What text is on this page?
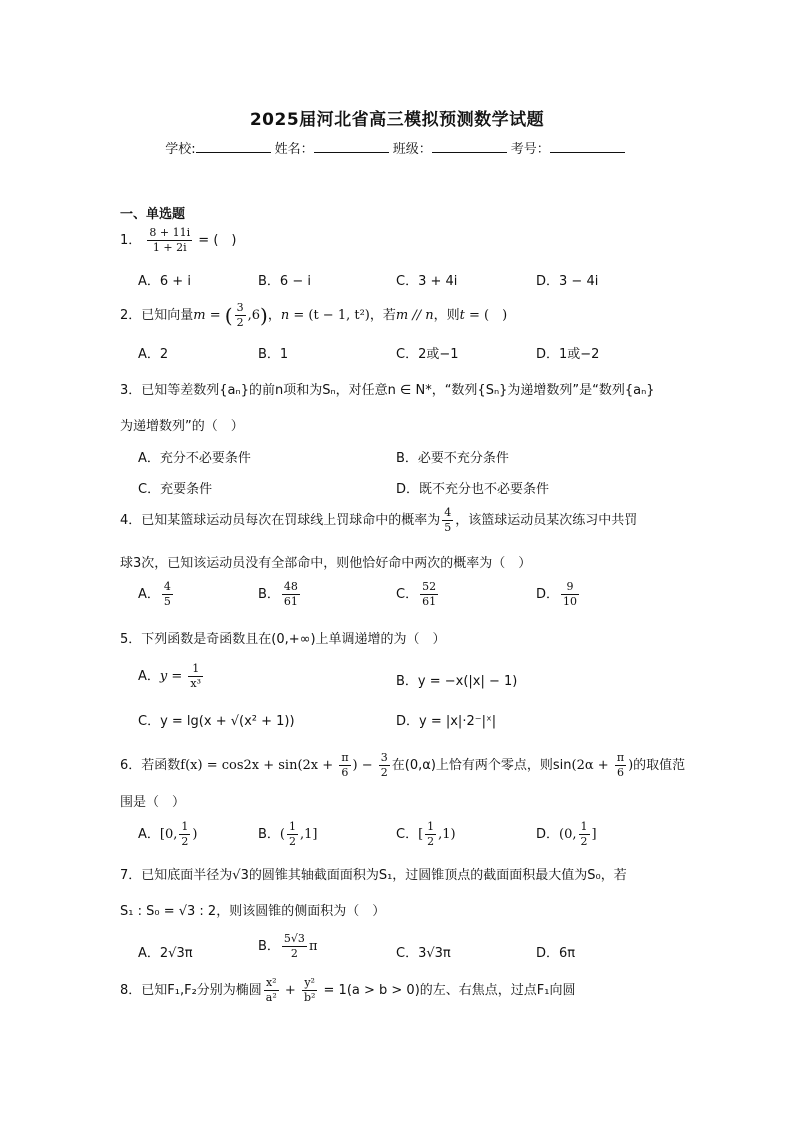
2025届河北省高三模拟预测数学试题
学校:	姓名：	班级：	考号：
一、单选题
1． $\frac{8 + 11i}{1 + 2i}$ = (　)
A．6 + i	B．6 − i	C．3 + 4i	D．3 − 4i
2．已知向量m = ( $\frac{3}{2} ,6$)，n = (t − 1, t²)，若m // n，则t = (　)
A．2	B．1	C．2或−1	D．1或−2
3．已知等差数列{aₙ}的前n项和为Sₙ，对任意n ∈ N*，“数列{Sₙ}为递增数列”是“数列{aₙ}
为递增数列”的（　）
A．充分不必要条件	B．必要不充分条件
C．充要条件	D．既不充分也不必要条件
4．已知某篮球运动员每次在罚球线上罚球命中的概率为 $\frac{4}{5}$ ，该篮球运动员某次练习中共罚
球3次，已知该运动员没有全部命中，则他恰好命中两次的概率为（　）
A． $\frac{4}{5}$	B． $\frac{48}{61}$	C． $\frac{52}{61}$	D． $\frac{9}{10}$
5．下列函数是奇函数且在(0,+∞)上单调递增的为（　）
A．$y = \frac{1}{\text{x³}}$	B．y = −x(|x| − 1)
C．y = lg(x + √(x² + 1))	D．y = |x|·2⁻|ˣ|
6．若函数$f(x) = \cos 2x + \sin(2x + \frac{\pi}{6}$ ) − $\frac{3}{2}$ 在(0,α)上恰有两个零点，则$\sin(2\alpha + \frac{\pi}{6}$ )的取值范
围是（　）
A．[0, $\frac{1}{2}$ )	B．( $\frac{1}{2} ,1$]	C．[ $\frac{1}{2} ,1$)	D．(0, $\frac{1}{2}$ ]
7．已知底面半径为√3的圆锥其轴截面面积为S₁，过圆锥顶点的截面面积最大值为S₀，若
S₁ : S₀ = √3 : 2，则该圆锥的侧面积为（　）
A．2√3π	B． $\frac{5√3}{2}$ π	C．3√3π	D．6π
8．已知F₁,F₂分别为椭圆 $\frac{\text{x²}}{\text{a²}} + \frac{\text{y²}}{\text{b²}} = 1(a > b > 0)$的左、右焦点，过点F₁向圆
